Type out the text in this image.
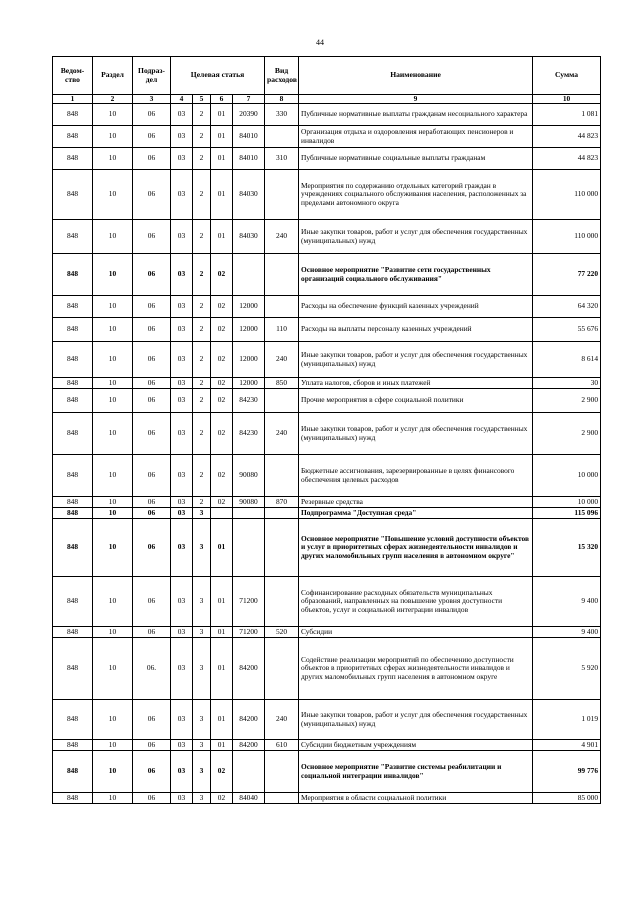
44
Ведом-ство	Раздел	Подраз-дел	Целевая статья				Вид расходов	Наименование	Сумма
1	2	3	4	5	6	7	8	9	10
848	10	06	03	2	01	20390	330	Публичные нормативные выплаты гражданам несоциального характера	1 081
848	10	06	03	2	01	84010		Организация отдыха и оздоровления неработающих пенсионеров и инвалидов	44 823
848	10	06	03	2	01	84010	310	Публичные нормативные социальные выплаты гражданам	44 823
848	10	06	03	2	01	84030		Мероприятия по содержанию отдельных категорий граждан в учреждениях социального обслуживания населения, расположенных за пределами автономного округа	110 000
848	10	06	03	2	01	84030	240	Иные закупки товаров, работ и услуг для обеспечения государственных (муниципальных) нужд	110 000
848	10	06	03	2	02			Основное мероприятие "Развитие сети государственных организаций социального обслуживания"	77 220
848	10	06	03	2	02	12000		Расходы на обеспечение функций казенных учреждений	64 320
848	10	06	03	2	02	12000	110	Расходы на выплаты персоналу казенных учреждений	55 676
848	10	06	03	2	02	12000	240	Иные закупки товаров, работ и услуг для обеспечения государственных (муниципальных) нужд	8 614
848	10	06	03	2	02	12000	850	Уплата налогов, сборов и иных платежей	30
848	10	06	03	2	02	84230		Прочие мероприятия в сфере социальной политики	2 900
848	10	06	03	2	02	84230	240	Иные закупки товаров, работ и услуг для обеспечения государственных (муниципальных) нужд	2 900
848	10	06	03	2	02	90080		Бюджетные ассигнования, зарезервированные в целях финансового обеспечения целевых расходов	10 000
848	10	06	03	2	02	90080	870	Резервные средства	10 000
848	10	06	03	3				Подпрограмма "Доступная среда"	115 096
848	10	06	03	3	01			Основное мероприятие "Повышение условий доступности объектов и услуг в приоритетных сферах жизнедеятельности инвалидов и других маломобильных групп населения в автономном округе"	15 320
848	10	06	03	3	01	71200		Софинансирование расходных обязательств муниципальных образований, направленных на повышение уровня доступности объектов, услуг и социальной интеграции инвалидов	9 400
848	10	06	03	3	01	71200	520	Субсидии	9 400
848	10	06.	03	3	01	84200		Содействие реализации мероприятий по обеспечению доступности объектов в приоритетных сферах жизнедеятельности инвалидов и других маломобильных групп населения в автономном округе	5 920
848	10	06	03	3	01	84200	240	Иные закупки товаров, работ и услуг для обеспечения государственных (муниципальных) нужд	1 019
848	10	06	03	3	01	84200	610	Субсидии бюджетным учреждениям	4 901
848	10	06	03	3	02			Основное мероприятие "Развитие системы реабилитации и социальной интеграции инвалидов"	99 776
848	10	06	03	3	02	84040		Мероприятия в области социальной политики	85 000
